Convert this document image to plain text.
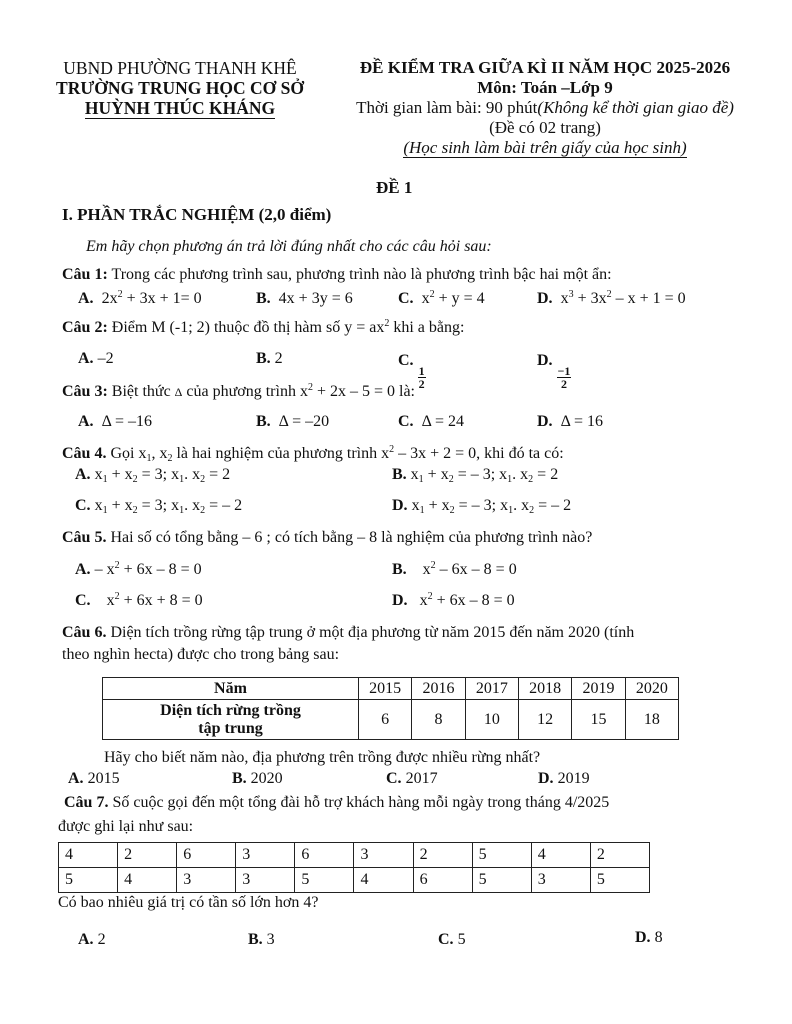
UBND PHƯỜNG THANH KHÊ
TRƯỜNG TRUNG HỌC CƠ SỞ
HUỲNH THÚC KHÁNG
ĐỀ KIỂM TRA GIỮA KÌ II NĂM HỌC 2025-2026
Môn: Toán –Lớp 9
Thời gian làm bài: 90 phút(Không kể thời gian giao đề)
(Đề có 02 trang)
(Học sinh làm bài trên giấy của học sinh)
ĐỀ 1
I. PHẦN TRẮC NGHIỆM (2,0 điểm)
Em hãy chọn phương án trả lời đúng nhất cho các câu hỏi sau:
Câu 1: Trong các phương trình sau, phương trình nào là phương trình bậc hai một ẩn:
A.  $2x^2 + 3x + 1= 0$	B. 4x + 3y = 6	C.  $x^2 + y = 4$	D.  $x^3 + 3x^2 - x + 1 = 0$
Câu 2: Điểm M (-1; 2) thuộc đồ thị hàm số $y = ax^2$ khi a bằng:
A. –2	B. 2	C.
$\frac{1}{2}$
D.
$\frac{-1}{2}$
Câu 3: Biệt thức Δ của phương trình $x^2 + 2x - 5 = 0$ là:
A. Δ = –16	B. Δ = –20	C. Δ = 24	D. Δ = 16
Câu 4. Gọi $x_1$, $x_2$ là hai nghiệm của phương trình $x^2 - 3x + 2 = 0$, khi đó ta có:
A. $x_1 + x_2 = 3$; $x_1$. $x_2 = 2$	B. $x_1 + x_2$ = – 3; $x_1$. $x_2 = 2$
C. $x_1 + x_2 = 3$; $x_1$. $x_2$ = – 2	D. $x_1 + x_2$ = – 3; $x_1$. $x_2$ = – 2
Câu 5. Hai số có tổng bằng – 6 ; có tích bằng – 8 là nghiệm của phương trình nào?
A. – $x^2 + 6x - 8 = 0$	B.    $x^2 - 6x - 8 = 0$
C.    $x^2 + 6x + 8 = 0$	D.   $x^2 + 6x - 8 = 0$
Câu 6. Diện tích trồng rừng tập trung ở một địa phương từ năm 2015 đến năm 2020 (tính
theo nghìn hecta) được cho trong bảng sau:
Năm	2015	2016	2017	2018	2019	2020

Diện tích rừng trồng
tập trung	6	8	10	12	15	18
Hãy cho biết năm nào, địa phương trên trồng được nhiều rừng nhất?
A. 2015	B. 2020	C. 2017	D. 2019
Câu 7. Số cuộc gọi đến một tổng đài hỗ trợ khách hàng mỗi ngày trong tháng 4/2025
được ghi lại như sau:
4	2	6	3	6	3	2	5	4	2
5	4	3	3	5	4	6	5	3	5
Có bao nhiêu giá trị có tần số lớn hơn 4?
A. 2	B. 3	C. 5	D. 8
